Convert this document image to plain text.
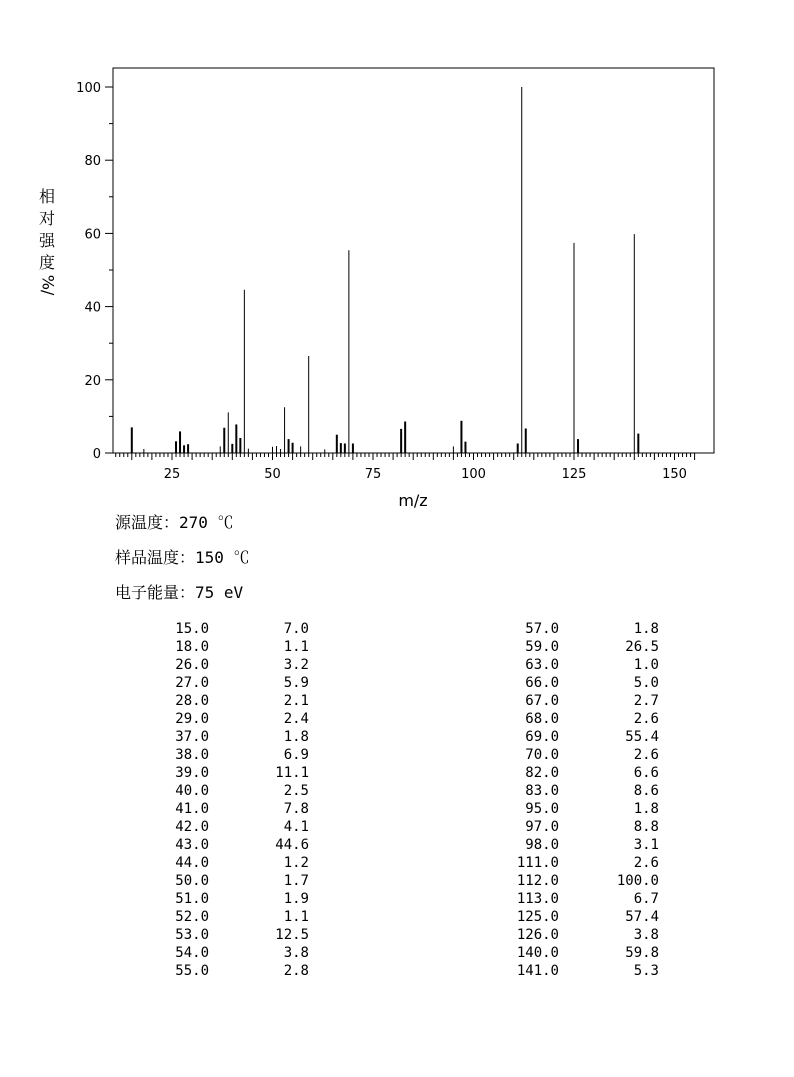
25	50	75	100	125	150
0
20
40
60
80
100
m/z
相
对
强
度
%/
源温度：270 ℃
样品温度：150 ℃
电子能量：75 eV
15.0	7.0
18.0	1.1
26.0	3.2
27.0	5.9
28.0	2.1
29.0	2.4
37.0	1.8
38.0	6.9
39.0	11.1
40.0	2.5
41.0	7.8
42.0	4.1
43.0	44.6
44.0	1.2
50.0	1.7
51.0	1.9
52.0	1.1
53.0	12.5
54.0	3.8
55.0	2.8
57.0	1.8
59.0	26.5
63.0	1.0
66.0	5.0
67.0	2.7
68.0	2.6
69.0	55.4
70.0	2.6
82.0	6.6
83.0	8.6
95.0	1.8
97.0	8.8
98.0	3.1
111.0	2.6
112.0	100.0
113.0	6.7
125.0	57.4
126.0	3.8
140.0	59.8
141.0	5.3
